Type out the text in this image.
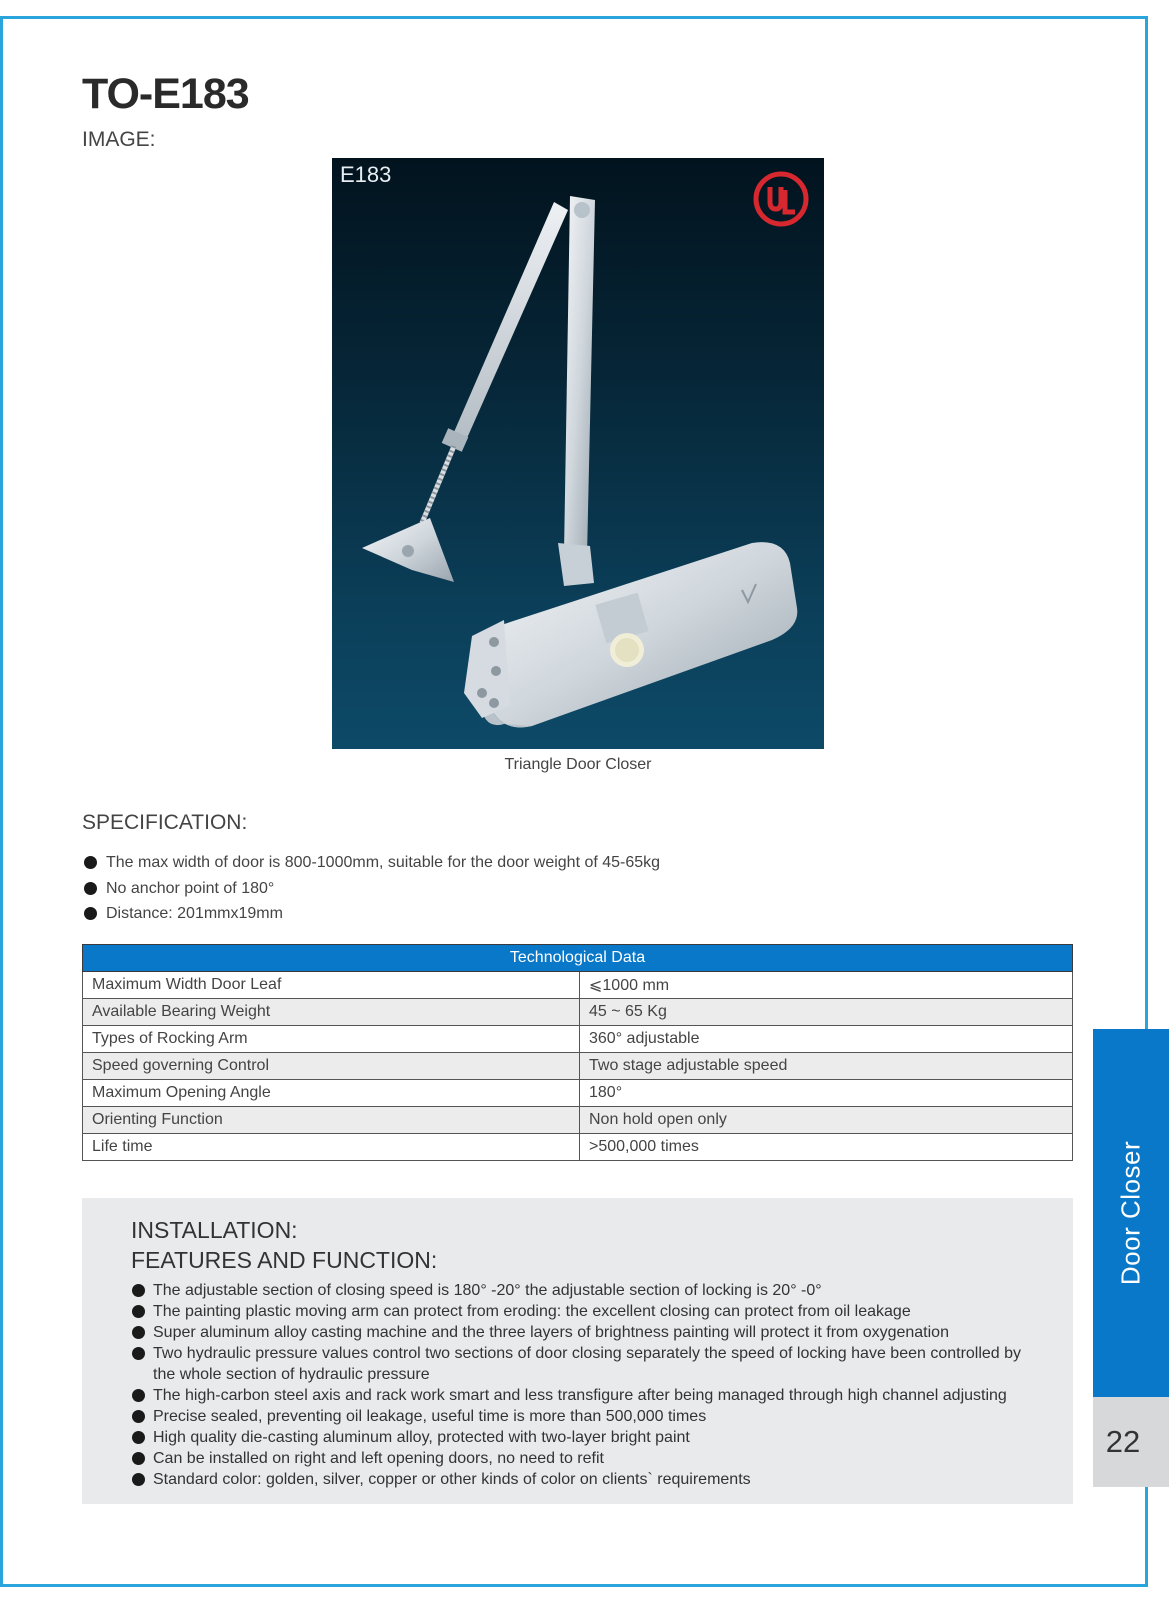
TO-E183
IMAGE:
E183
Triangle Door Closer
SPECIFICATION:
The max width of door is 800-1000mm, suitable for the door weight of 45-65kg
No anchor point of 180°
Distance: 201mmx19mm
Technological Data	
Maximum Width Door Leaf	⩽1000 mm
Available Bearing Weight	45 ~ 65 Kg
Types of Rocking Arm	360° adjustable
Speed governing Control	Two stage adjustable speed
Maximum Opening Angle	180°
Orienting Function	Non hold open only
Life time	>500,000 times
INSTALLATION:
FEATURES AND FUNCTION:
The adjustable section of closing speed is 180° -20° the adjustable section of locking is 20° -0°
The painting plastic moving arm can protect from eroding: the excellent closing can protect from oil leakage
Super aluminum alloy casting machine and the three layers of brightness painting will protect it from oxygenation
Two hydraulic pressure values control two sections of door closing separately the speed of locking have been controlled by the whole section of hydraulic pressure
The high-carbon steel axis and rack work smart and less transfigure after being managed through high channel adjusting
Precise sealed, preventing oil leakage, useful time is more than 500,000 times
High quality die-casting aluminum alloy, protected with two-layer bright paint
Can be installed on right and left opening doors, no need to refit
Standard color: golden, silver, copper or other kinds of color on clients` requirements
Door Closer
22
